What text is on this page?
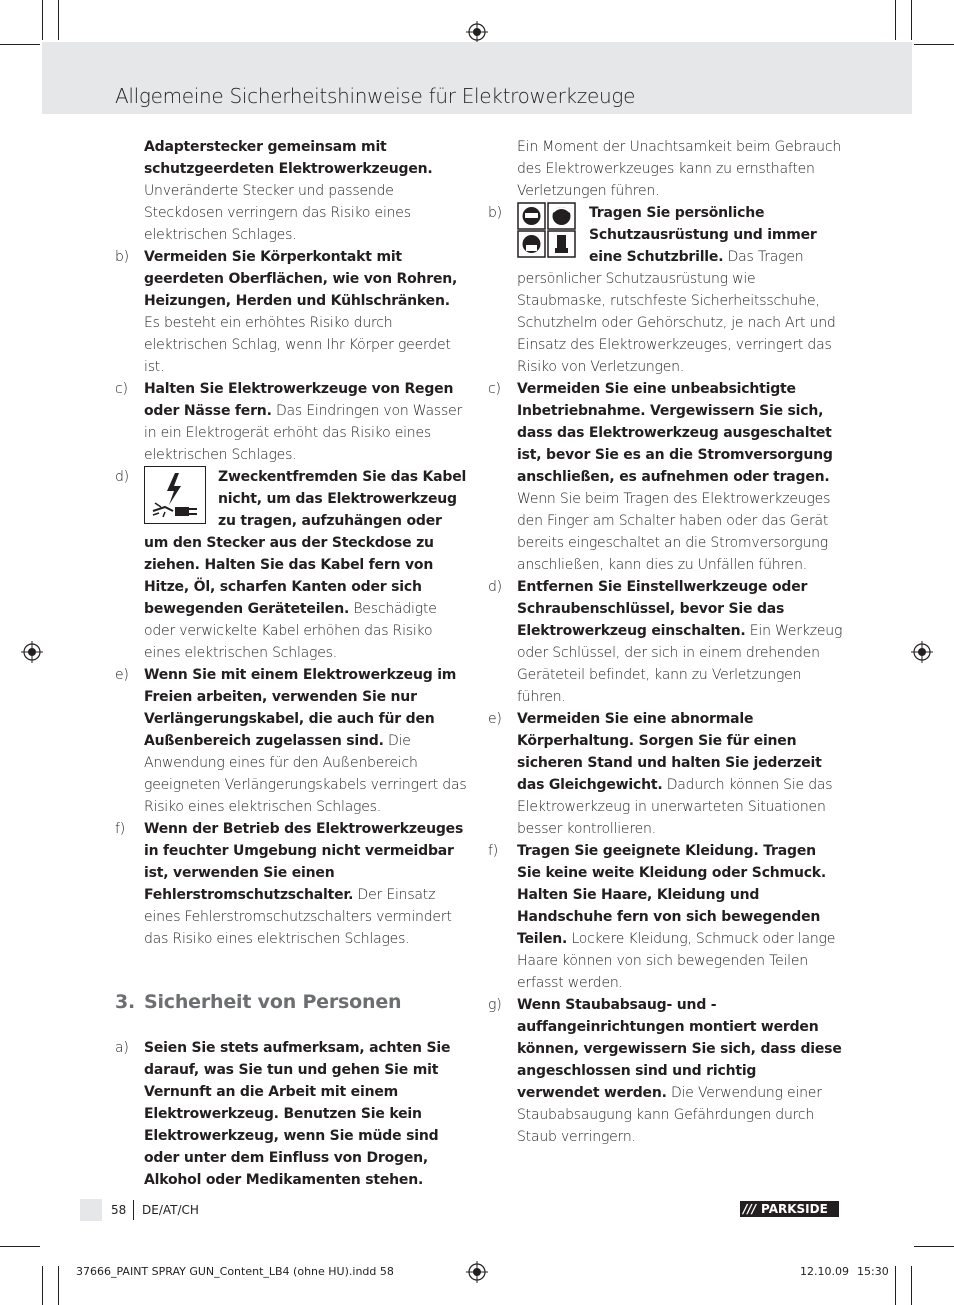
Allgemeine Sicherheitshinweise für Elektrowerkzeuge

Adapterstecker gemeinsam mit schutzgeerdeten Elektrowerkzeugen. Unveränderte Stecker und passende Steckdosen verringern das Risiko eines elektrischen Schlages.

b) Vermeiden Sie Körperkontakt mit geerdeten Oberflächen, wie von Rohren, Heizungen, Herden und Kühlschränken. Es besteht ein erhöhtes Risiko durch elektrischen Schlag, wenn Ihr Körper geerdet ist.

c) Halten Sie Elektrowerkzeuge von Regen oder Nässe fern. Das Eindringen von Wasser in ein Elektrogerät erhöht das Risiko eines elektrischen Schlages.

d)	Zweckentfremden Sie das Kabel nicht, um das Elektrowerkzeug zu tragen, aufzuhängen oder um den Stecker aus der Steckdose zu ziehen. Halten Sie das Kabel fern von Hitze, Öl, scharfen Kanten oder sich bewegenden Geräteteilen. Beschädigte oder verwickelte Kabel erhöhen das Risiko eines elektrischen Schlages.

e) Wenn Sie mit einem Elektrowerkzeug im Freien arbeiten, verwenden Sie nur Verlängerungskabel, die auch für den Außenbereich zugelassen sind. Die Anwendung eines für den Außenbereich geeigneten Verlängerungskabels verringert das Risiko eines elektrischen Schlages.

f) Wenn der Betrieb des Elektrowerkzeuges in feuchter Umgebung nicht vermeidbar ist, verwenden Sie einen Fehlerstromschutzschalter. Der Einsatz eines Fehlerstromschutzschalters vermindert das Risiko eines elektrischen Schlages.

3. Sicherheit von Personen
a) Seien Sie stets aufmerksam, achten Sie darauf, was Sie tun und gehen Sie mit Vernunft an die Arbeit mit einem Elektrowerkzeug. Benutzen Sie kein Elektrowerkzeug, wenn Sie müde sind oder unter dem Einfluss von Drogen, Alkohol oder Medikamenten stehen.

Ein Moment der Unachtsamkeit beim Gebrauch des Elektrowerkzeuges kann zu ernsthaften Verletzungen führen.

b)	Tragen Sie persönliche Schutzausrüstung und immer eine Schutzbrille. Das Tragen persönlicher Schutzausrüstung wie Staubmaske, rutschfeste Sicherheitsschuhe, Schutzhelm oder Gehörschutz, je nach Art und Einsatz des Elektrowerkzeuges, verringert das Risiko von Verletzungen.

c) Vermeiden Sie eine unbeabsichtigte Inbetriebnahme. Vergewissern Sie sich, dass das Elektrowerkzeug ausgeschaltet ist, bevor Sie es an die Stromversorgung anschließen, es aufnehmen oder tragen. Wenn Sie beim Tragen des Elektrowerkzeuges den Finger am Schalter haben oder das Gerät bereits eingeschaltet an die Stromversorgung anschließen, kann dies zu Unfällen führen.

d) Entfernen Sie Einstellwerkzeuge oder Schraubenschlüssel, bevor Sie das Elektrowerkzeug einschalten. Ein Werkzeug oder Schlüssel, der sich in einem drehenden Geräteteil befindet, kann zu Verletzungen führen.

e) Vermeiden Sie eine abnormale Körperhaltung. Sorgen Sie für einen sicheren Stand und halten Sie jederzeit das Gleichgewicht. Dadurch können Sie das Elektrowerkzeug in unerwarteten Situationen besser kontrollieren.

f) Tragen Sie geeignete Kleidung. Tragen Sie keine weite Kleidung oder Schmuck. Halten Sie Haare, Kleidung und Handschuhe fern von sich bewegenden Teilen. Lockere Kleidung, Schmuck oder lange Haare können von sich bewegenden Teilen erfasst werden.

g) Wenn Staubabsaug- und -auffangeinrichtungen montiert werden können, vergewissern Sie sich, dass diese angeschlossen sind und richtig verwendet werden. Die Verwendung einer Staubabsaugung kann Gefährdungen durch Staub verringern.

58 DE/AT/CH	/// PARKSIDE
37666_PAINT SPRAY GUN_Content_LB4 (ohne HU).indd 58	12.10.09 15:30
